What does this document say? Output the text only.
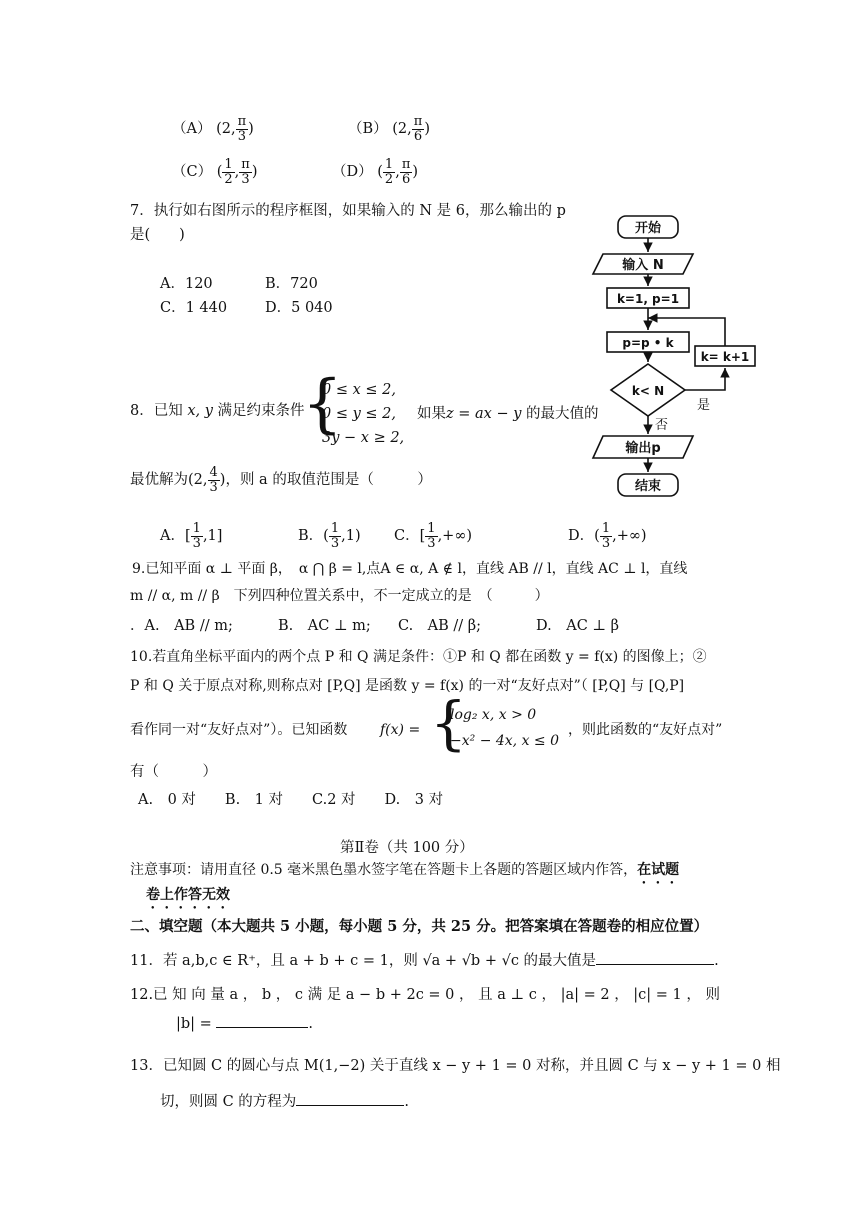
（A） (2, $\frac{\pi}{3}$ )	（B） (2, $\frac{\pi}{6}$ )
（C） ( $\frac{1}{2}$ , $\frac{\pi}{3}$ )	（D） ( $\frac{1}{2}$ , $\frac{\pi}{6}$ )
7．执行如右图所示的程序框图，如果输入的 N 是 6，那么输出的 p
是(　　)
A．120	B．720
C．1 440	D．5 040
开始
输入 N
k=1, p=1
p=p • k
k< N
k= k+1
是
否
输出p
结束
8．已知 x, y 满足约束条件
{
0 ≤ x ≤ 2,
0 ≤ y ≤ 2,
3y − x ≥ 2,
如果z = ax − y 的最大值的
最优解为(2, $\frac{4}{3}$ )，则 a 的取值范围是（　　　）
A．[ $\frac{1}{3} ,1$]	B．( $\frac{1}{3} ,1$) C．[ $\frac{1}{3}$ ,+∞)	D．( $\frac{1}{3}$ ,+∞)
9.已知平面 α ⊥ 平面 β，　α ⋂ β = l,点A ∈ α, A ∉ l，直线 AB // l，直线 AC ⊥ l，直线
m // α, m // β　下列四种位置关系中，不一定成立的是　（　　　）
．A.　AB // m;	B.　AC ⊥ m; C.　AB // β;	D.　AC ⊥ β
10.若直角坐标平面内的两个点 P 和 Q 满足条件：①P 和 Q 都在函数 y = f(x) 的图像上；②
P 和 Q 关于原点对称,则称点对 [P,Q] 是函数 y = f(x) 的一对“友好点对”（ [P,Q] 与 [Q,P]
看作同一对“友好点对”）。已知函数 f(x) = {
log₂ x, x > 0
−x² − 4x, x ≤ 0
，则此函数的“友好点对”
有（　　　）
A.　0 对　　B.　1 对　　C.2 对　　D.　3 对
第Ⅱ卷（共 100 分）
注意事项：请用直径 0.5 毫米黑色墨水签字笔在答题卡上各题的答题区域内作答，在试题
卷上作答无效
二、填空题（本大题共 5 小题，每小题 5 分，共 25 分。把答案填在答题卷的相应位置）
11．若 a,b,c ∈ R⁺，且 a + b + c = 1，则 √a + √b + √c 的最大值是	.
12.已 知 向 量 a ， b ， c 满 足 a − b + 2c = 0 ， 且 a ⊥ c ， |a| = 2 ， |c| = 1 ， 则
|b| =	.
13．已知圆 C 的圆心与点 M(1,−2) 关于直线 x − y + 1 = 0 对称，并且圆 C 与 x − y + 1 = 0 相
切，则圆 C 的方程为	.
